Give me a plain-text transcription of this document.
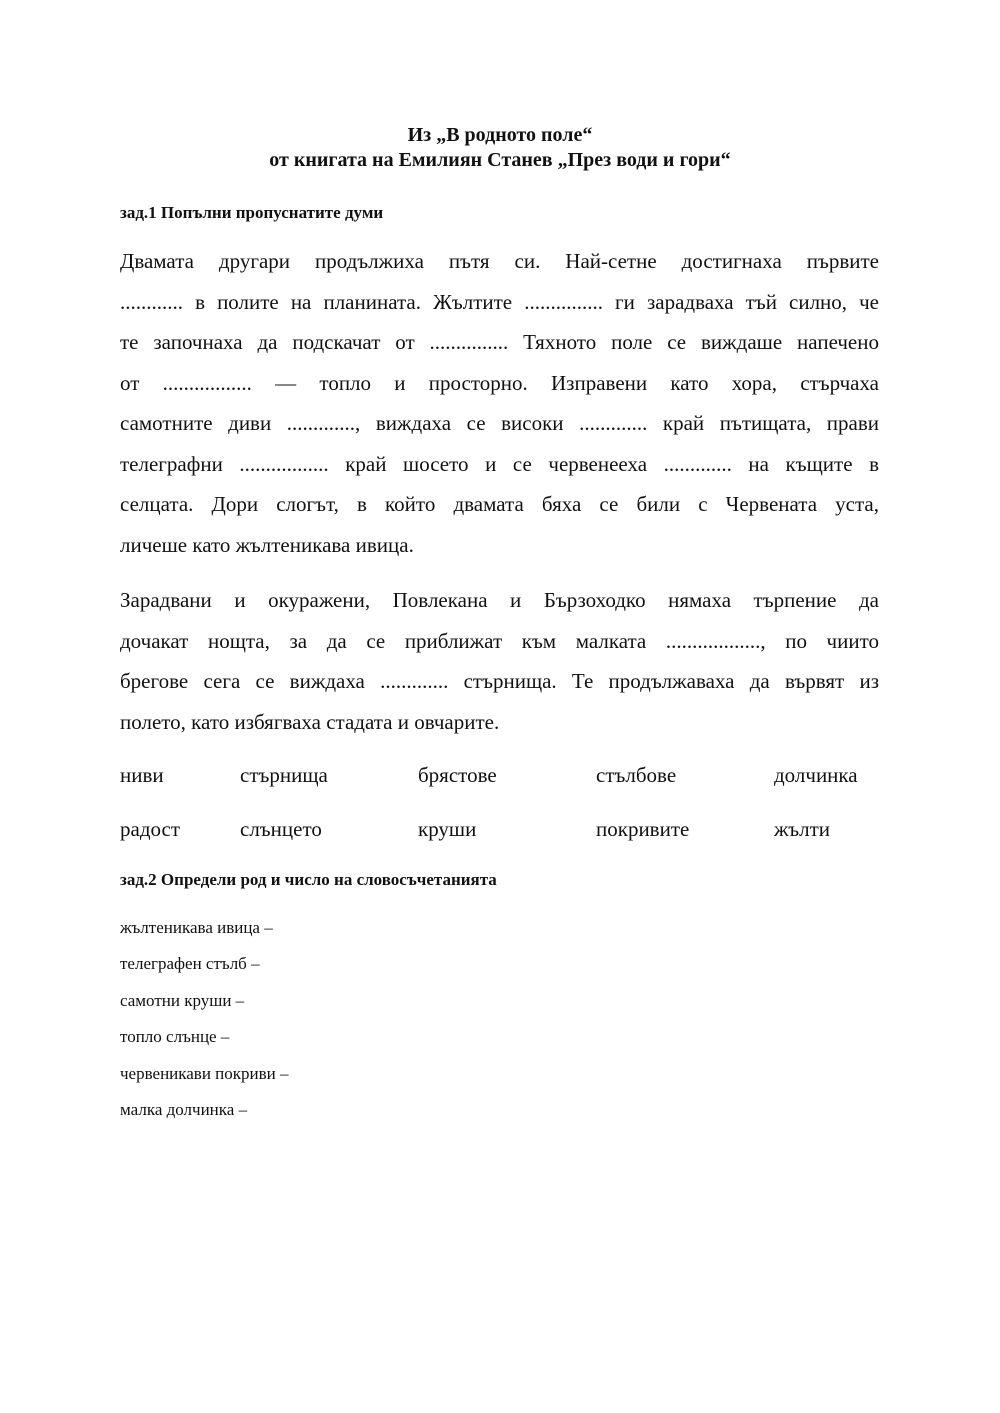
Из „В родното поле“
от книгата на Емилиян Станев „През води и гори“
зад.1 Попълни пропуснатите думи
Двамата другари продължиха пътя си. Най-сетне достигнаха първите
............ в полите на планината. Жълтите ............... ги зарадваха тъй силно, че
те започнаха да подскачат от ............... Тяхното поле се виждаше напечено
от ................. — топло и просторно. Изправени като хора, стърчаха
самотните диви ............., виждаха се високи ............. край пътищата, прави
телеграфни ................. край шосето и се червенееха ............. на къщите в
селцата. Дори слогът, в който двамата бяха се били с Червената уста,
личеше като жълтеникава ивица.
Зарадвани и окуражени, Повлекана и Бързоходко нямаха търпение да
дочакат нощта, за да се приближат към малката .................., по чиито
брегове сега се виждаха ............. стърнища. Те продължаваха да вървят из
полето, като избягваха стадата и овчарите.
ниви	стърнища	брястове	стълбове	долчинка
радост	слънцето	круши	покривите	жълти
зад.2 Определи род и число на словосъчетанията
жълтеникава ивица –
телеграфен стълб –
самотни круши –
топло слънце –
червеникави покриви –
малка долчинка –
